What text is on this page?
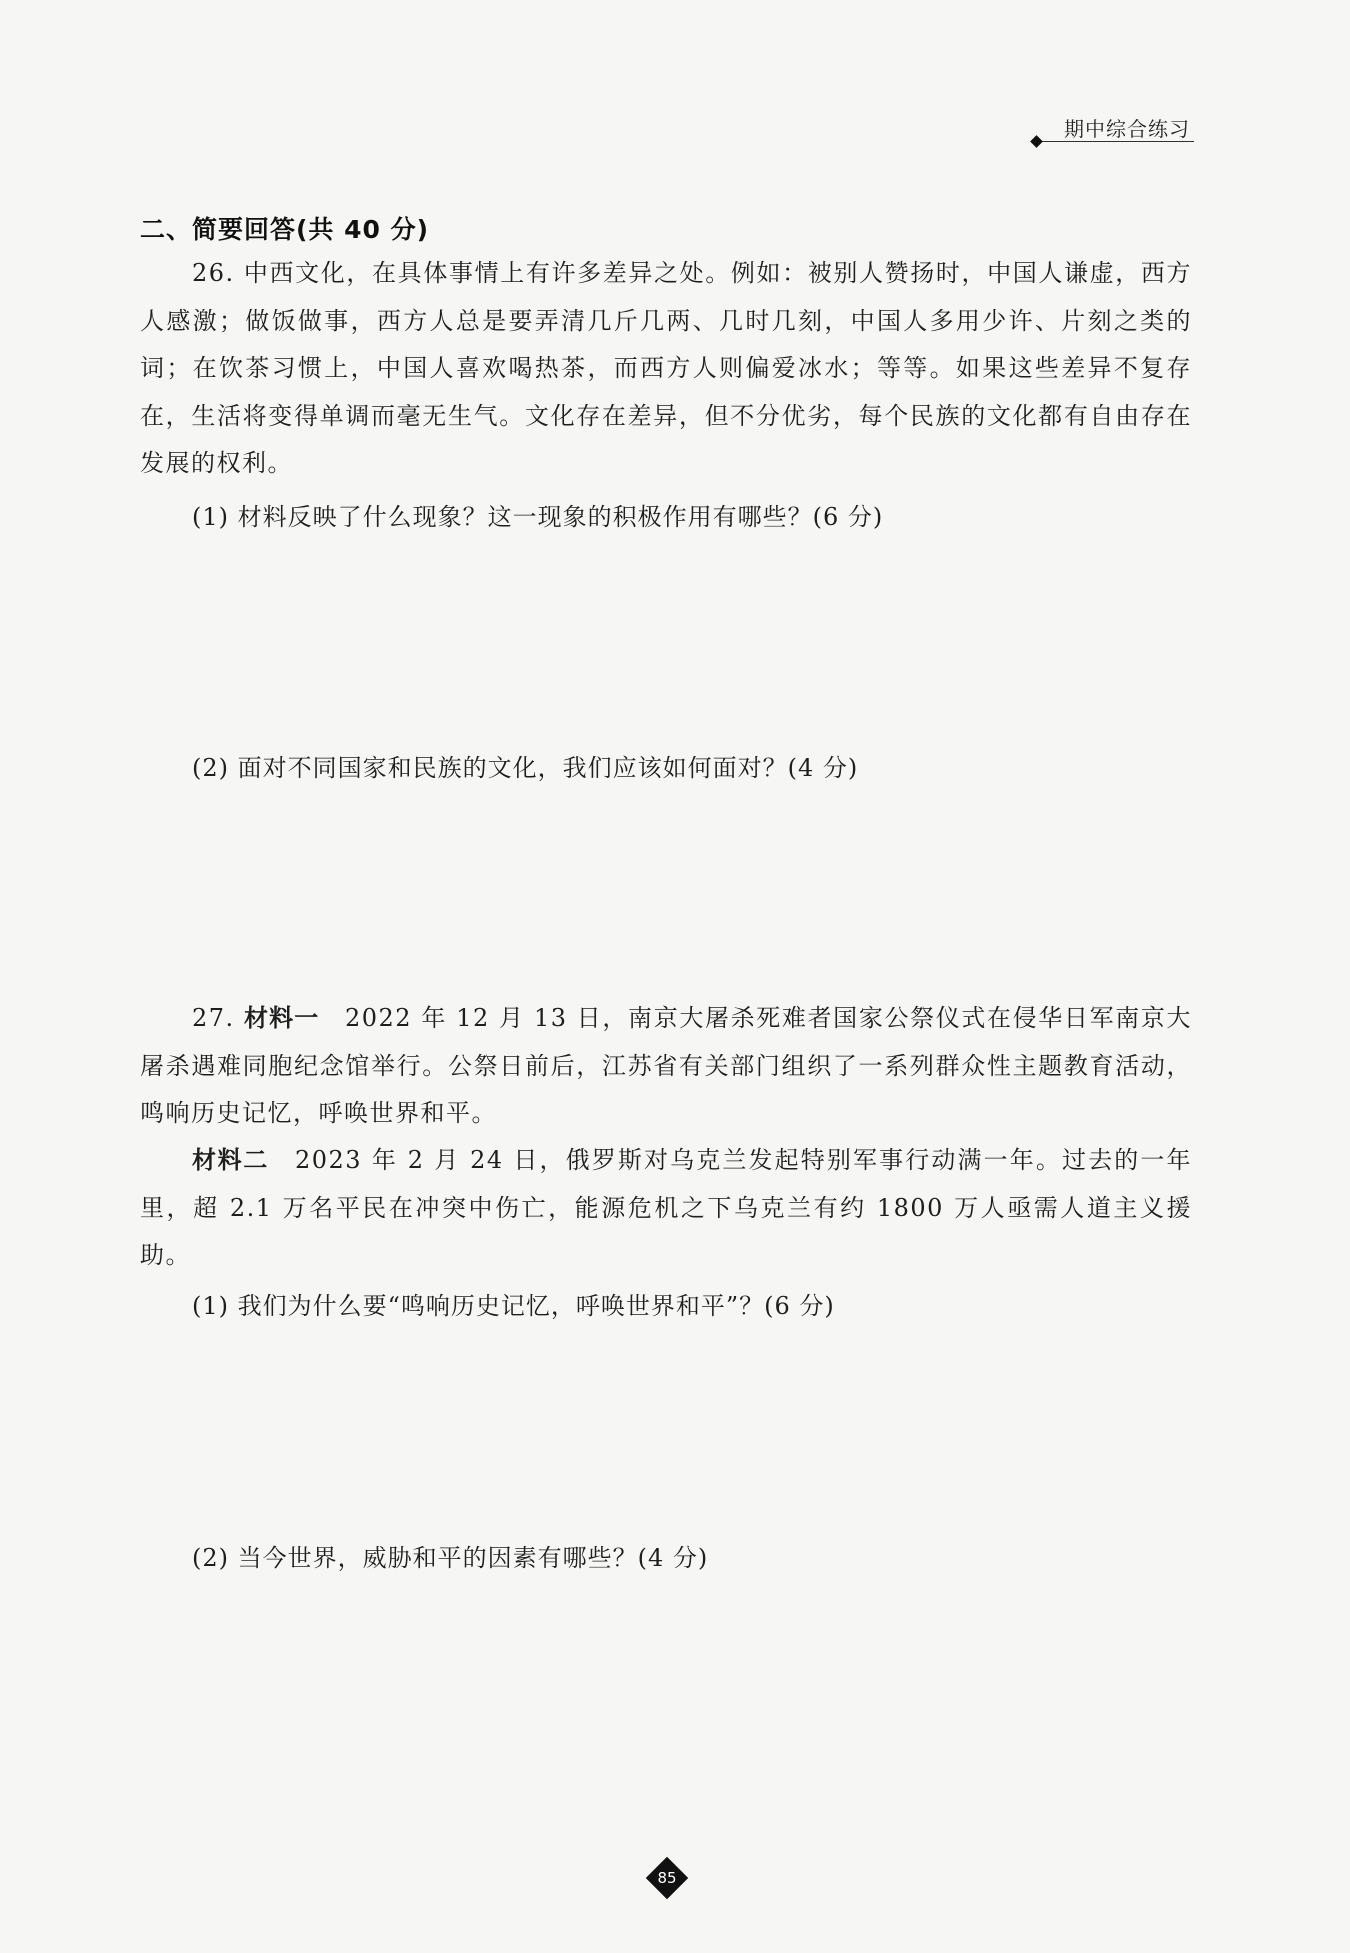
期中综合练习
二、简要回答(共 40 分)
26. 中西文化，在具体事情上有许多差异之处。例如：被别人赞扬时，中国人谦虚，西方人感激；做饭做事，西方人总是要弄清几斤几两、几时几刻，中国人多用少许、片刻之类的词；在饮茶习惯上，中国人喜欢喝热茶，而西方人则偏爱冰水；等等。如果这些差异不复存在，生活将变得单调而毫无生气。文化存在差异，但不分优劣，每个民族的文化都有自由存在发展的权利。
(1) 材料反映了什么现象？这一现象的积极作用有哪些？(6 分)
(2) 面对不同国家和民族的文化，我们应该如何面对？(4 分)
27. 材料一　2022 年 12 月 13 日，南京大屠杀死难者国家公祭仪式在侵华日军南京大屠杀遇难同胞纪念馆举行。公祭日前后，江苏省有关部门组织了一系列群众性主题教育活动，鸣响历史记忆，呼唤世界和平。
材料二　2023 年 2 月 24 日，俄罗斯对乌克兰发起特别军事行动满一年。过去的一年里，超 2.1 万名平民在冲突中伤亡，能源危机之下乌克兰有约 1800 万人亟需人道主义援助。
(1) 我们为什么要“鸣响历史记忆，呼唤世界和平”？(6 分)
(2) 当今世界，威胁和平的因素有哪些？(4 分)
85
